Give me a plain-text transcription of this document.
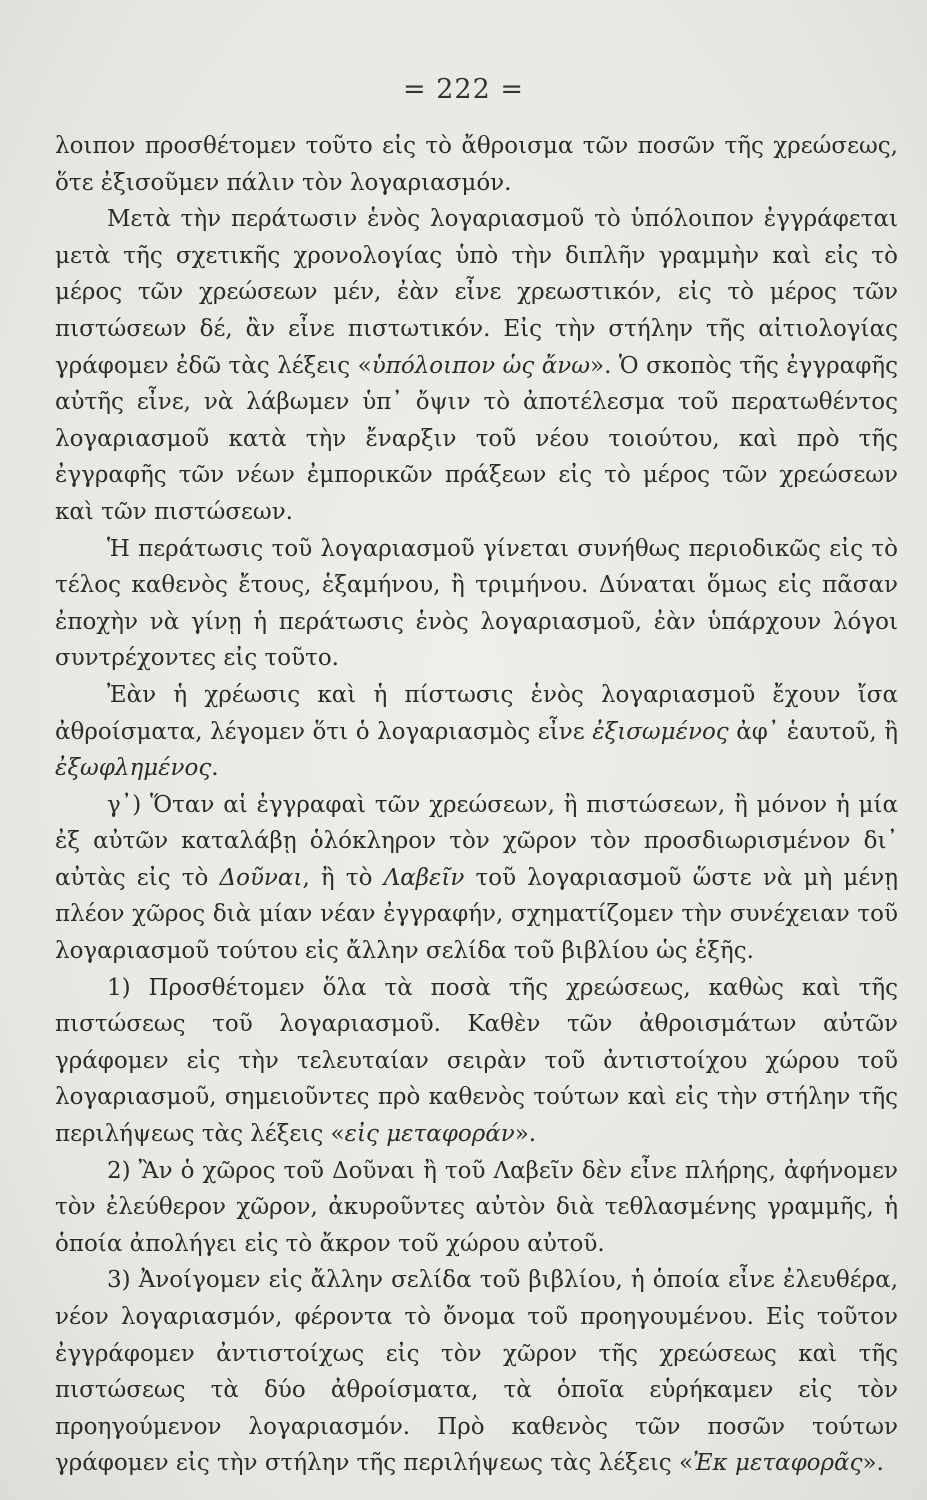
= 222 =

λοιπον προσθέτομεν τοῦτο εἰς τὸ ἄθροισμα τῶν ποσῶν τῆς χρεώσεως, ὅτε ἐξισοῦμεν πάλιν τὸν λογαριασμόν.

Μετὰ τὴν περάτωσιν ἑνὸς λογαριασμοῦ τὸ ὑπόλοιπον ἐγγράφεται μετὰ τῆς σχετικῆς χρονολογίας ὑπὸ τὴν διπλῆν γραμμὴν καὶ εἰς τὸ μέρος τῶν χρεώσεων μέν, ἐὰν εἶνε χρεωστικόν, εἰς τὸ μέρος τῶν πιστώσεων δέ, ἂν εἶνε πιστωτικόν. Εἰς τὴν στήλην τῆς αἰτιολογίας γράφομεν ἐδῶ τὰς λέξεις «ὑπόλοιπον ὡς ἄνω». Ὁ σκοπὸς τῆς ἐγγραφῆς αὐτῆς εἶνε, νὰ λάβωμεν ὑπ᾽ ὄψιν τὸ ἀποτέλεσμα τοῦ περατωθέντος λογαριασμοῦ κατὰ τὴν ἔναρξιν τοῦ νέου τοιούτου, καὶ πρὸ τῆς ἐγγραφῆς τῶν νέων ἐμπορικῶν πράξεων εἰς τὸ μέρος τῶν χρεώσεων καὶ τῶν πιστώσεων.

Ἡ περάτωσις τοῦ λογαριασμοῦ γίνεται συνήθως περιοδικῶς εἰς τὸ τέλος καθενὸς ἔτους, ἑξαμήνου, ἢ τριμήνου. Δύναται ὅμως εἰς πᾶσαν ἐποχὴν νὰ γίνῃ ἡ περάτωσις ἑνὸς λογαριασμοῦ, ἐὰν ὑπάρχουν λόγοι συντρέχοντες εἰς τοῦτο.

Ἐὰν ἡ χρέωσις καὶ ἡ πίστωσις ἑνὸς λογαριασμοῦ ἔχουν ἴσα ἀθροίσματα, λέγομεν ὅτι ὁ λογαριασμὸς εἶνε ἐξισωμένος ἀφ᾽ ἑαυτοῦ, ἢ ἐξωφλημένος.

γ᾽) Ὅταν αἱ ἐγγραφαὶ τῶν χρεώσεων, ἢ πιστώσεων, ἢ μόνον ἡ μία ἐξ αὐτῶν καταλάβῃ ὁλόκληρον τὸν χῶρον τὸν προσδιωρισμένον δι᾽ αὐτὰς εἰς τὸ Δοῦναι, ἢ τὸ Λαβεῖν τοῦ λογαριασμοῦ ὥστε νὰ μὴ μένῃ πλέον χῶρος διὰ μίαν νέαν ἐγγραφήν, σχηματίζομεν τὴν συνέχειαν τοῦ λογαριασμοῦ τούτου εἰς ἄλλην σελίδα τοῦ βιβλίου ὡς ἑξῆς.

1) Προσθέτομεν ὅλα τὰ ποσὰ τῆς χρεώσεως, καθὼς καὶ τῆς πιστώσεως τοῦ λογαριασμοῦ. Καθὲν τῶν ἀθροισμάτων αὐτῶν γράφομεν εἰς τὴν τελευταίαν σειρὰν τοῦ ἀντιστοίχου χώρου τοῦ λογαριασμοῦ, σημειοῦντες πρὸ καθενὸς τούτων καὶ εἰς τὴν στήλην τῆς περιλήψεως τὰς λέξεις «εἰς μεταφοράν».

2) Ἂν ὁ χῶρος τοῦ Δοῦναι ἢ τοῦ Λαβεῖν δὲν εἶνε πλήρης, ἀφήνομεν τὸν ἐλεύθερον χῶρον, ἀκυροῦντες αὐτὸν διὰ τεθλασμένης γραμμῆς, ἡ ὁποία ἀπολήγει εἰς τὸ ἄκρον τοῦ χώρου αὐτοῦ.

3) Ἀνοίγομεν εἰς ἄλλην σελίδα τοῦ βιβλίου, ἡ ὁποία εἶνε ἐλευθέρα, νέον λογαριασμόν, φέροντα τὸ ὄνομα τοῦ προηγουμένου. Εἰς τοῦτον ἐγγράφομεν ἀντιστοίχως εἰς τὸν χῶρον τῆς χρεώσεως καὶ τῆς πιστώσεως τὰ δύο ἀθροίσματα, τὰ ὁποῖα εὑρήκαμεν εἰς τὸν προηγούμενον λογαριασμόν. Πρὸ καθενὸς τῶν ποσῶν τούτων γράφομεν εἰς τὴν στήλην τῆς περιλήψεως τὰς λέξεις «Ἐκ μεταφορᾶς».
